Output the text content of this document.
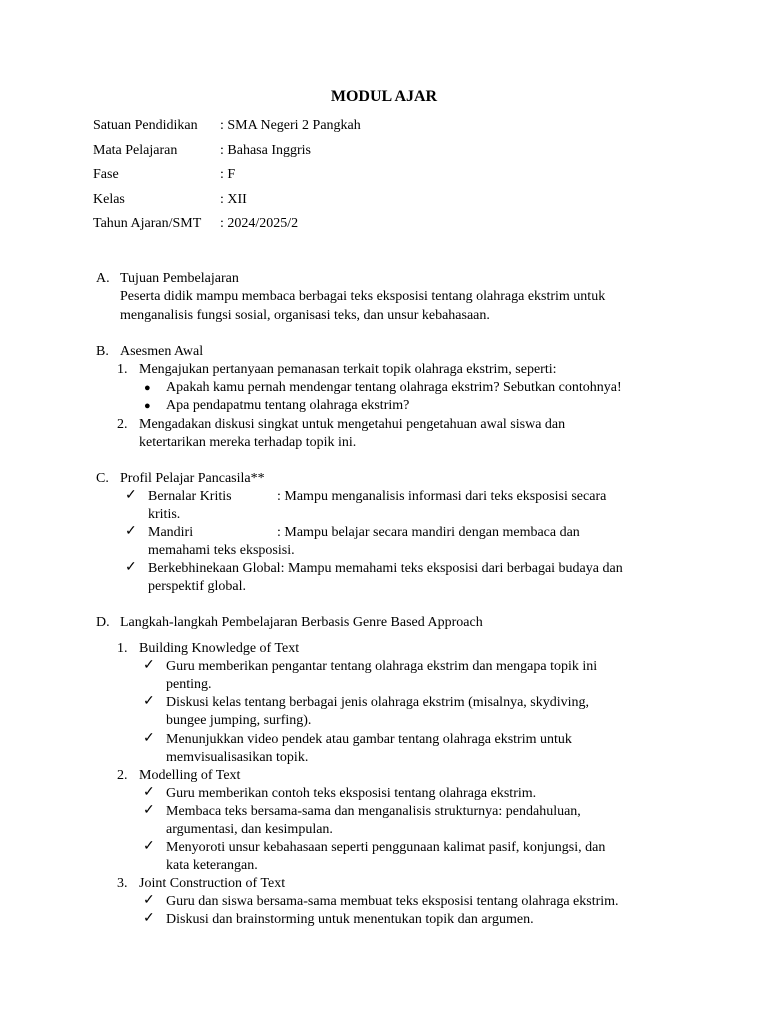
MODUL AJAR
Satuan Pendidikan	: SMA Negeri 2 Pangkah
Mata Pelajaran	: Bahasa Inggris
Fase	: F
Kelas	: XII
Tahun Ajaran/SMT	: 2024/2025/2
A. Tujuan Pembelajaran
Peserta didik mampu membaca berbagai teks eksposisi tentang olahraga ekstrim untuk
menganalisis fungsi sosial, organisasi teks, dan unsur kebahasaan.
B. Asesmen Awal
1. Mengajukan pertanyaan pemanasan terkait topik olahraga ekstrim, seperti:
● Apakah kamu pernah mendengar tentang olahraga ekstrim? Sebutkan contohnya!
● Apa pendapatmu tentang olahraga ekstrim?
2. Mengadakan diskusi singkat untuk mengetahui pengetahuan awal siswa dan
ketertarikan mereka terhadap topik ini.
C. Profil Pelajar Pancasila**
✓ Bernalar Kritis	: Mampu menganalisis informasi dari teks eksposisi secara
kritis.
✓ Mandiri	: Mampu belajar secara mandiri dengan membaca dan
memahami teks eksposisi.
✓ Berkebhinekaan Global: Mampu memahami teks eksposisi dari berbagai budaya dan
perspektif global.
D. Langkah-langkah Pembelajaran Berbasis Genre Based Approach
1. Building Knowledge of Text
✓ Guru memberikan pengantar tentang olahraga ekstrim dan mengapa topik ini
penting.
✓ Diskusi kelas tentang berbagai jenis olahraga ekstrim (misalnya, skydiving,
bungee jumping, surfing).
✓ Menunjukkan video pendek atau gambar tentang olahraga ekstrim untuk
memvisualisasikan topik.
2. Modelling of Text
✓ Guru memberikan contoh teks eksposisi tentang olahraga ekstrim.
✓ Membaca teks bersama-sama dan menganalisis strukturnya: pendahuluan,
argumentasi, dan kesimpulan.
✓ Menyoroti unsur kebahasaan seperti penggunaan kalimat pasif, konjungsi, dan
kata keterangan.
3. Joint Construction of Text
✓ Guru dan siswa bersama-sama membuat teks eksposisi tentang olahraga ekstrim.
✓ Diskusi dan brainstorming untuk menentukan topik dan argumen.
